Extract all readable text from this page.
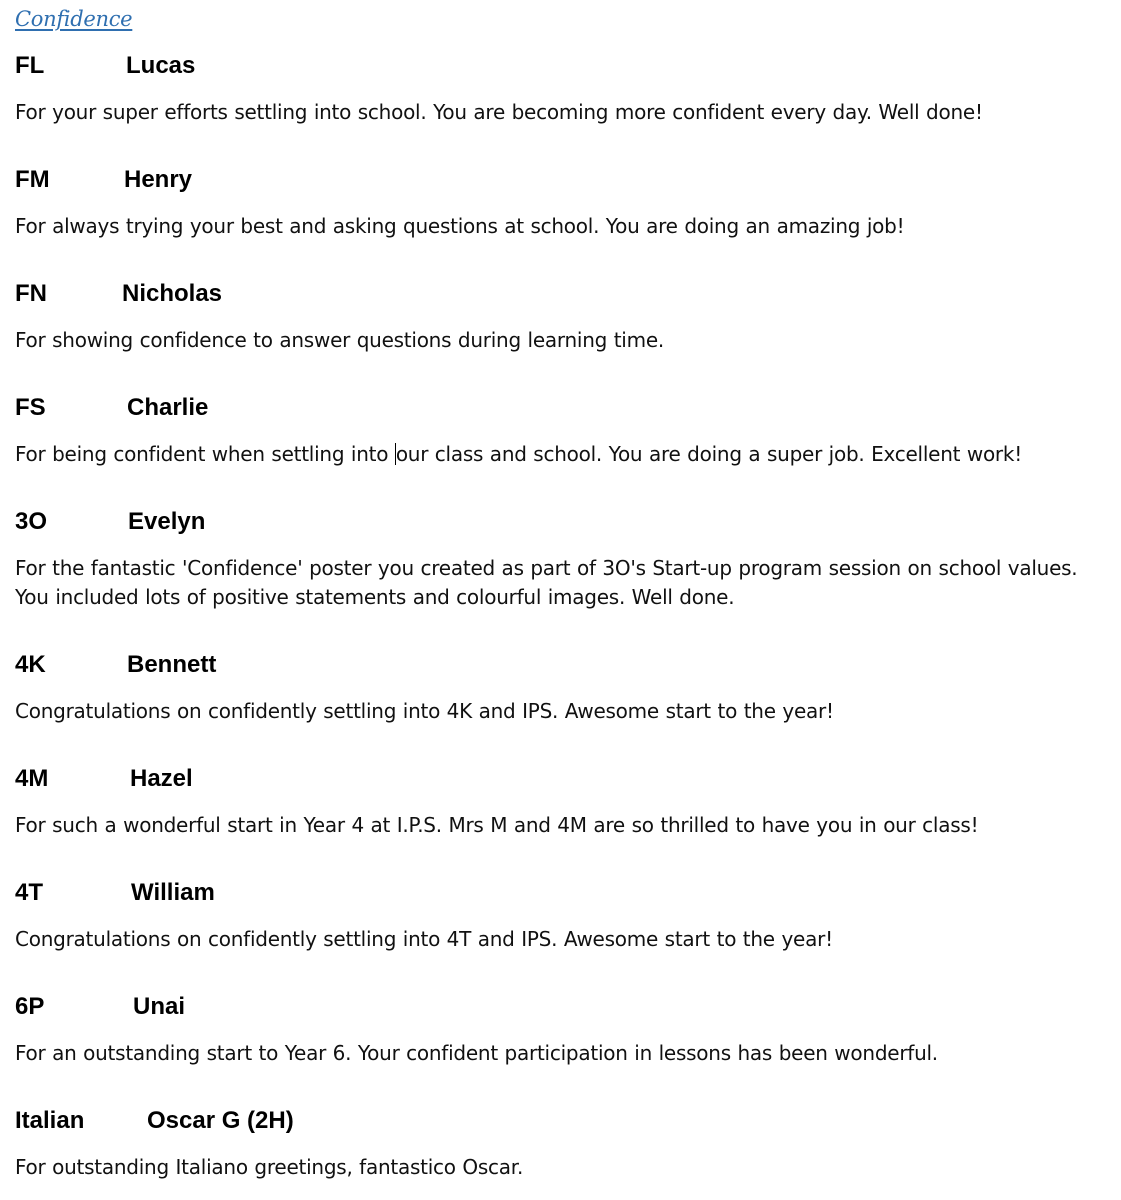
Confidence
FL	Lucas
For your super efforts settling into school. You are becoming more confident every day. Well done!
FM	Henry
For always trying your best and asking questions at school. You are doing an amazing job!
FN	Nicholas
For showing confidence to answer questions during learning time.
FS	Charlie
For being confident when settling into our class and school. You are doing a super job. Excellent work!
3O	Evelyn
For the fantastic 'Confidence' poster you created as part of 3O's Start-up program session on school values. You included lots of positive statements and colourful images. Well done.
4K	Bennett
Congratulations on confidently settling into 4K and IPS. Awesome start to the year!
4M	Hazel
For such a wonderful start in Year 4 at I.P.S. Mrs M and 4M are so thrilled to have you in our class!
4T	William
Congratulations on confidently settling into 4T and IPS. Awesome start to the year!
6P	Unai
For an outstanding start to Year 6. Your confident participation in lessons has been wonderful.
Italian	Oscar G (2H)
For outstanding Italiano greetings, fantastico Oscar.
